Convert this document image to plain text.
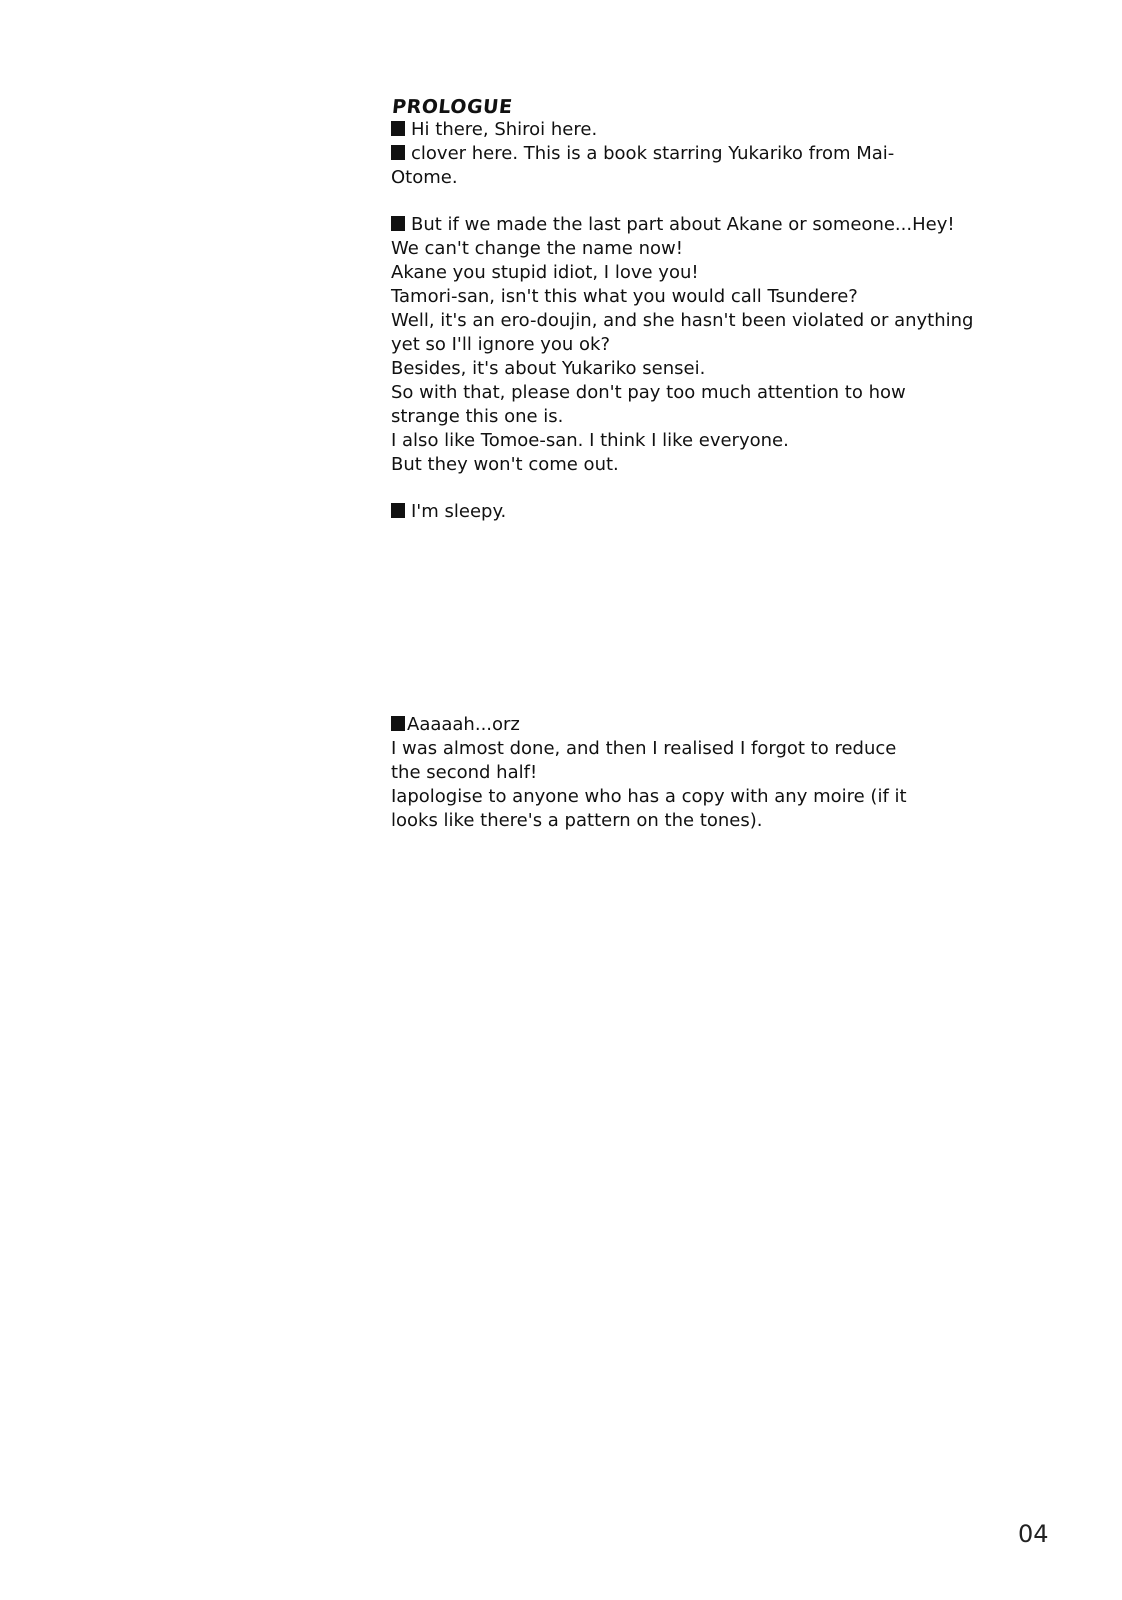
PROLOGUE

Hi there, Shiroi here.

clover here. This is a book starring Yukariko from Mai-

Otome.

But if we made the last part about Akane or someone...Hey!

We can't change the name now!

Akane you stupid idiot, I love you!

Tamori-san, isn't this what you would call Tsundere?

Well, it's an ero-doujin, and she hasn't been violated or anything

yet so I'll ignore you ok?

Besides, it's about Yukariko sensei.

So with that, please don't pay too much attention to how

strange this one is.

I also like Tomoe-san. I think I like everyone.

But they won't come out.

I'm sleepy.

Aaaaah...orz

I was almost done, and then I realised I forgot to reduce

the second half!

Iapologise to anyone who has a copy with any moire (if it

looks like there's a pattern on the tones).

04
